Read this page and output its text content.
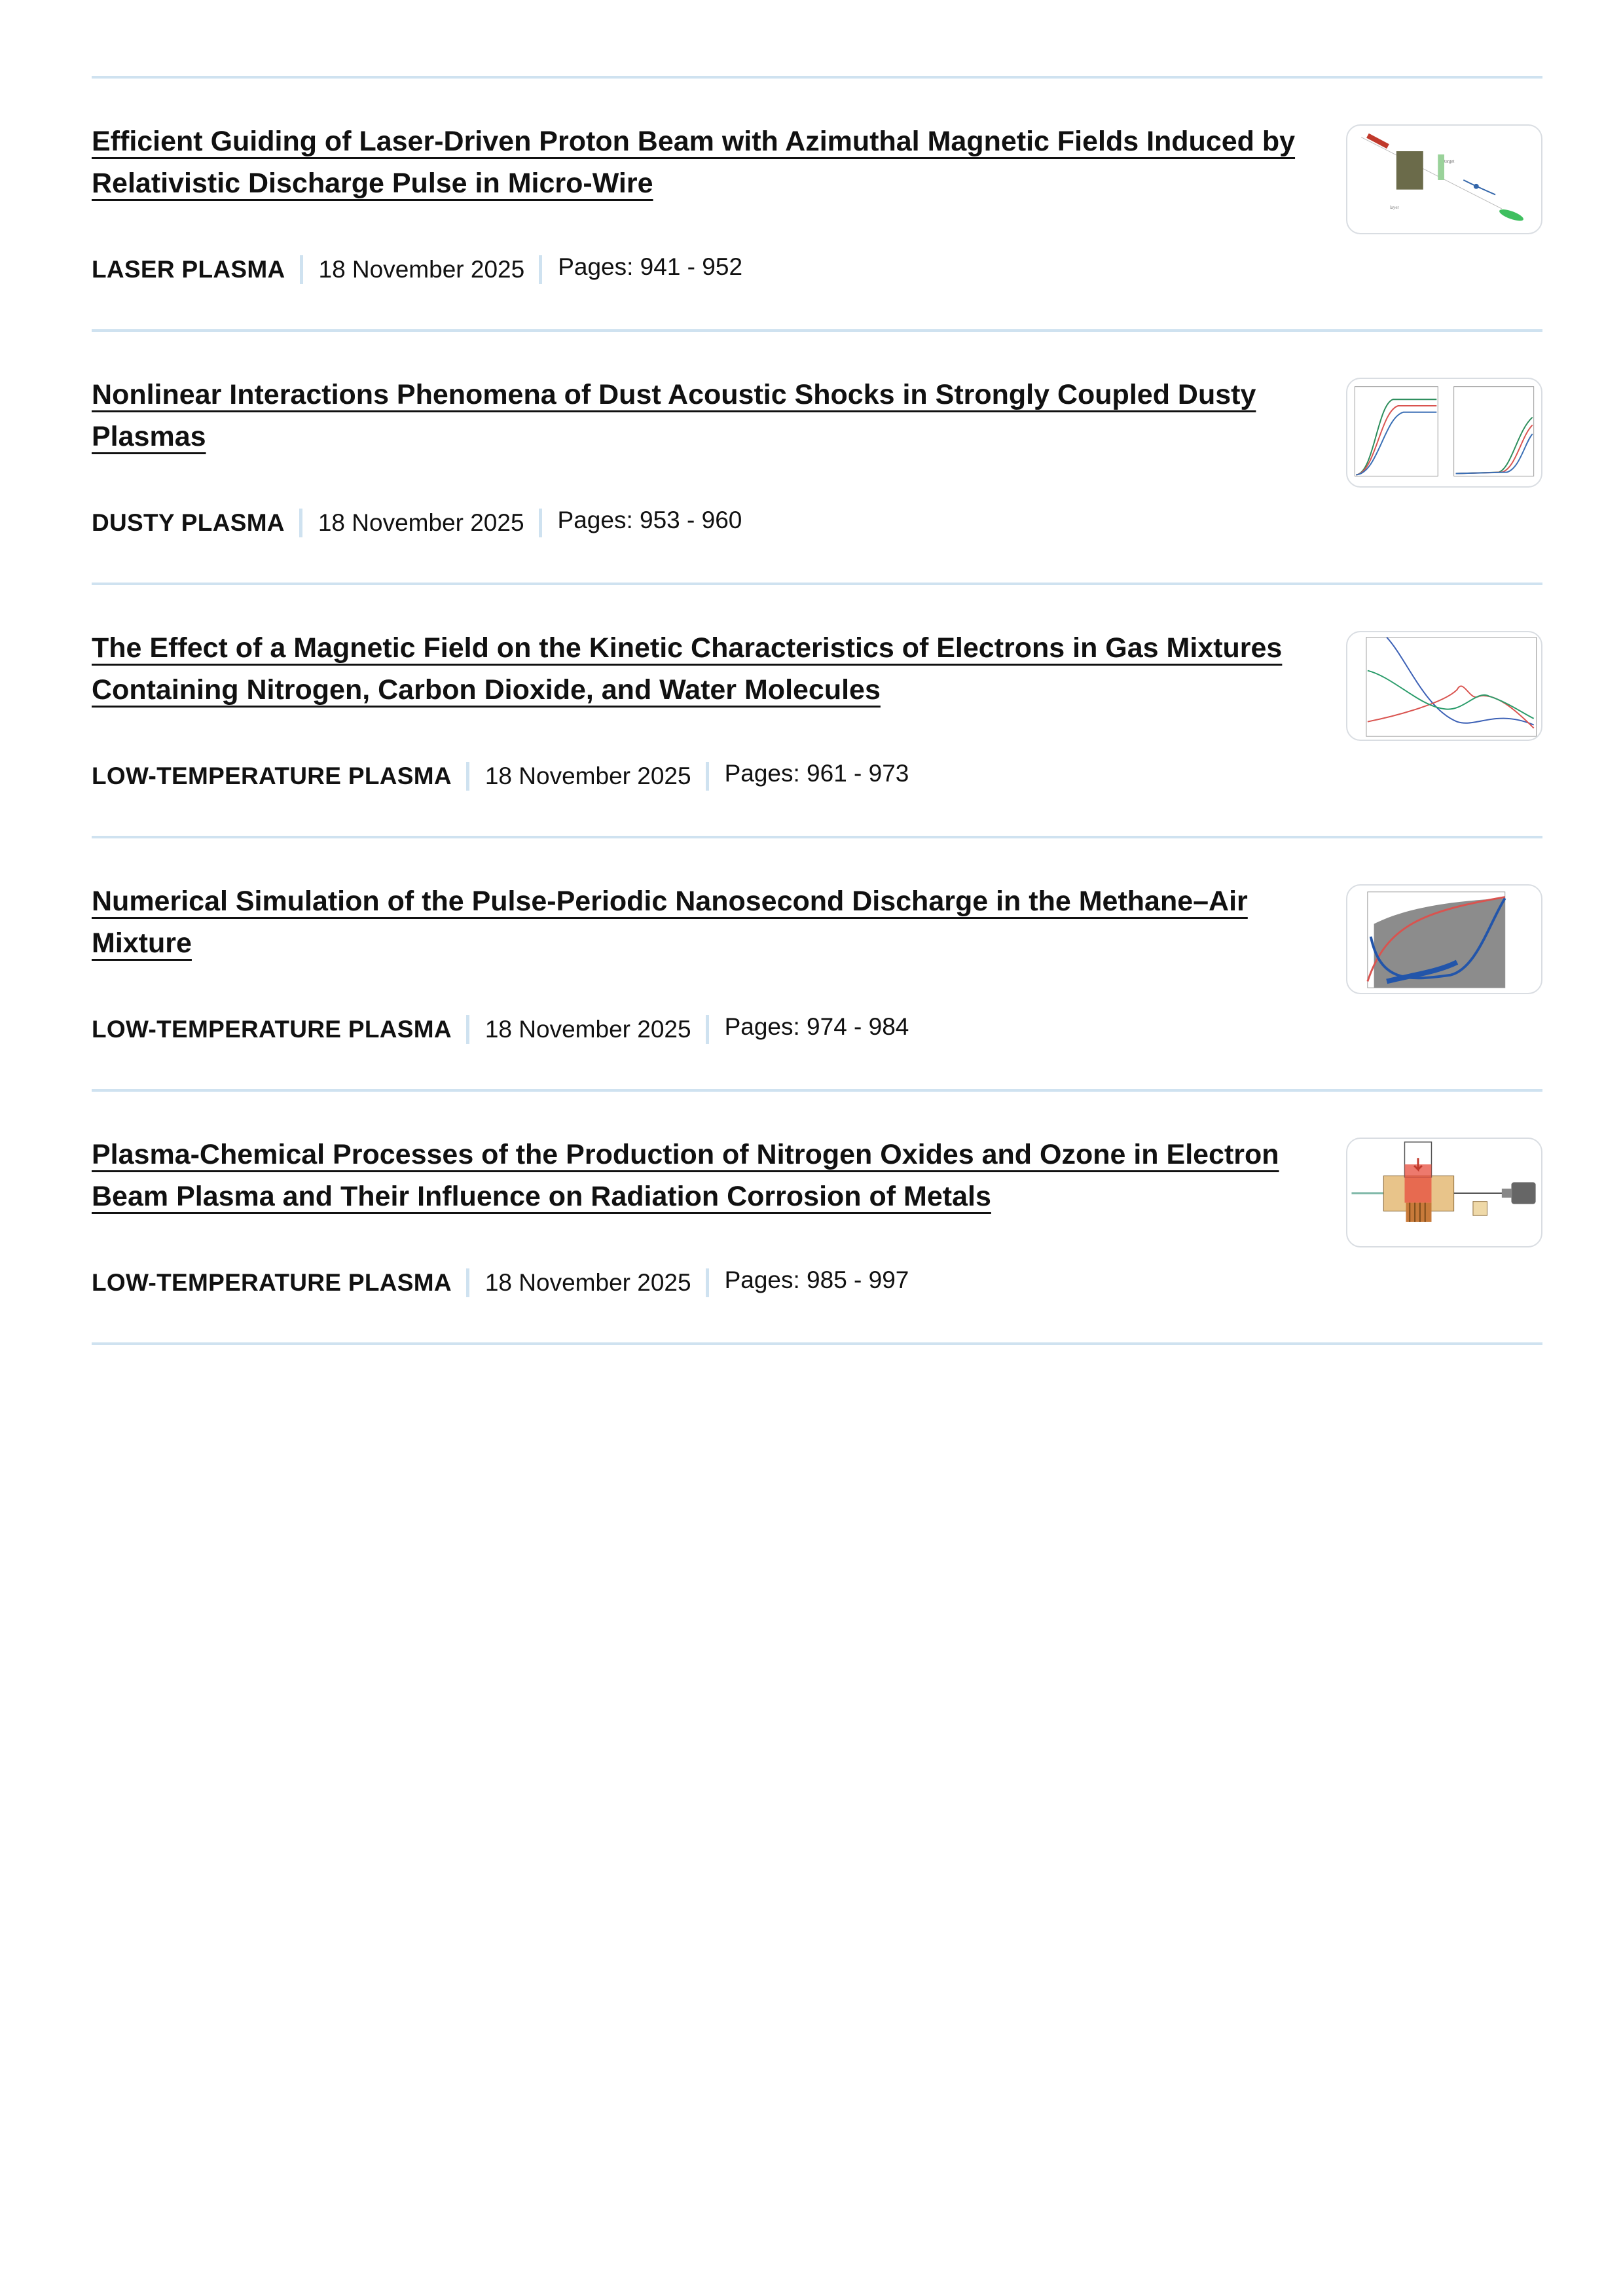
Efficient Guiding of Laser-Driven Proton Beam with Azimuthal Magnetic Fields Induced by Relativistic Discharge Pulse in Micro-Wire
LASER PLASMA 18 November 2025 Pages: 941 - 952
target
layer
Nonlinear Interactions Phenomena of Dust Acoustic Shocks in Strongly Coupled Dusty Plasmas
DUSTY PLASMA 18 November 2025 Pages: 953 - 960
The Effect of a Magnetic Field on the Kinetic Characteristics of Electrons in Gas Mixtures Containing Nitrogen, Carbon Dioxide, and Water Molecules
LOW-TEMPERATURE PLASMA 18 November 2025 Pages: 961 - 973
Numerical Simulation of the Pulse-Periodic Nanosecond Discharge in the Methane–Air Mixture
LOW-TEMPERATURE PLASMA 18 November 2025 Pages: 974 - 984
Plasma-Chemical Processes of the Production of Nitrogen Oxides and Ozone in Electron Beam Plasma and Their Influence on Radiation Corrosion of Metals
LOW-TEMPERATURE PLASMA 18 November 2025 Pages: 985 - 997
